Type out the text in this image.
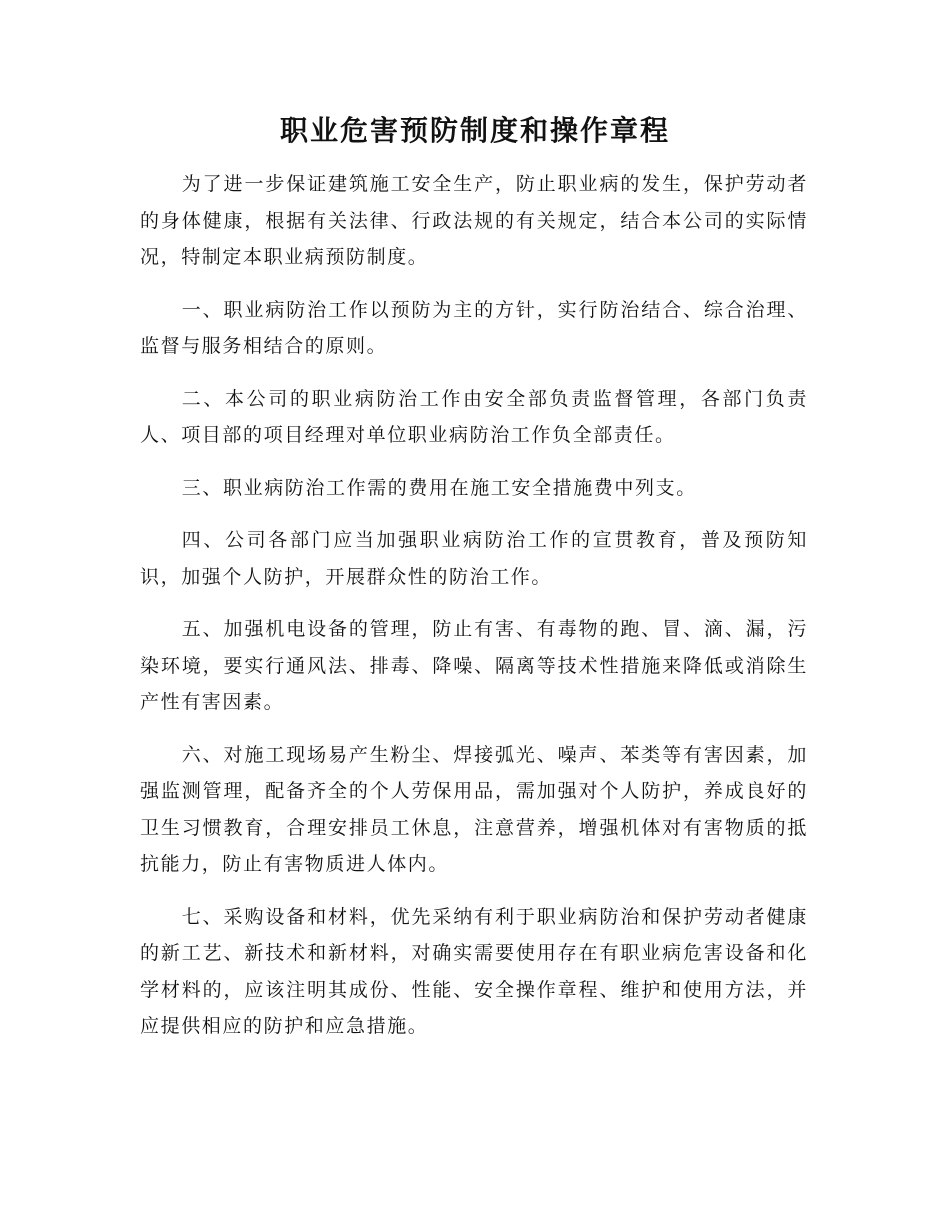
职业危害预防制度和操作章程

为了进一步保证建筑施工安全生产，防止职业病的发生，保护劳动者的身体健康，根据有关法律、行政法规的有关规定，结合本公司的实际情况，特制定本职业病预防制度。

一、职业病防治工作以预防为主的方针，实行防治结合、综合治理、监督与服务相结合的原则。

二、本公司的职业病防治工作由安全部负责监督管理，各部门负责人、项目部的项目经理对单位职业病防治工作负全部责任。

三、职业病防治工作需的费用在施工安全措施费中列支。

四、公司各部门应当加强职业病防治工作的宣贯教育，普及预防知识，加强个人防护，开展群众性的防治工作。

五、加强机电设备的管理，防止有害、有毒物的跑、冒、滴、漏，污染环境，要实行通风法、排毒、降噪、隔离等技术性措施来降低或消除生产性有害因素。

六、对施工现场易产生粉尘、焊接弧光、噪声、苯类等有害因素，加强监测管理，配备齐全的个人劳保用品，需加强对个人防护，养成良好的卫生习惯教育，合理安排员工休息，注意营养，增强机体对有害物质的抵抗能力，防止有害物质进人体内。

七、采购设备和材料，优先采纳有利于职业病防治和保护劳动者健康的新工艺、新技术和新材料，对确实需要使用存在有职业病危害设备和化学材料的，应该注明其成份、性能、安全操作章程、维护和使用方法，并应提供相应的防护和应急措施。
